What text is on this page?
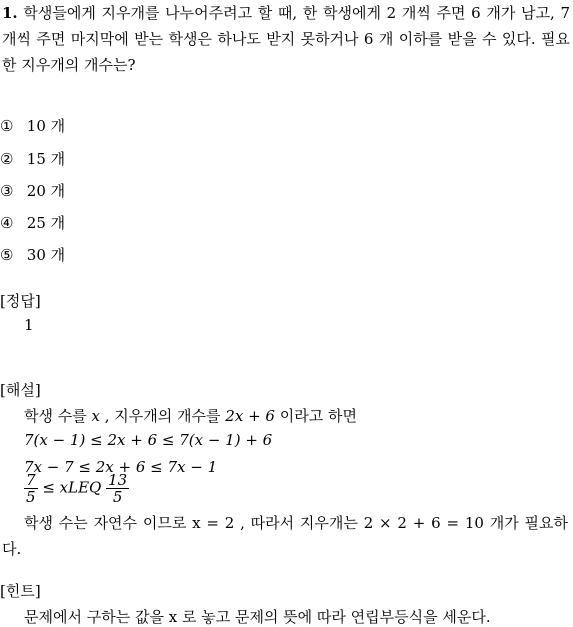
1. 학생들에게 지우개를 나누어주려고 할 때, 한 학생에게 2 개씩 주면 6 개가 남고, 7 개씩 주면 마지막에 받는 학생은 하나도 받지 못하거나 6 개 이하를 받을 수 있다. 필요한 지우개의 개수는?
① 10 개
② 15 개
③ 20 개
④ 25 개
⑤ 30 개
[정답]
1
[해설]
학생 수를 x , 지우개의 개수를 2x + 6 이라고 하면
7(x − 1) ≤ 2x + 6 ≤ 7(x − 1) + 6
7x − 7 ≤ 2x + 6 ≤ 7x − 1
$\frac{7}{5}$ ≤ xLEQ $\frac{13}{5}$
학생 수는 자연수 이므로 x = 2 , 따라서 지우개는 2 × 2 + 6 = 10 개가 필요하다.
[힌트]
문제에서 구하는 값을 x 로 놓고 문제의 뜻에 따라 연립부등식을 세운다.
